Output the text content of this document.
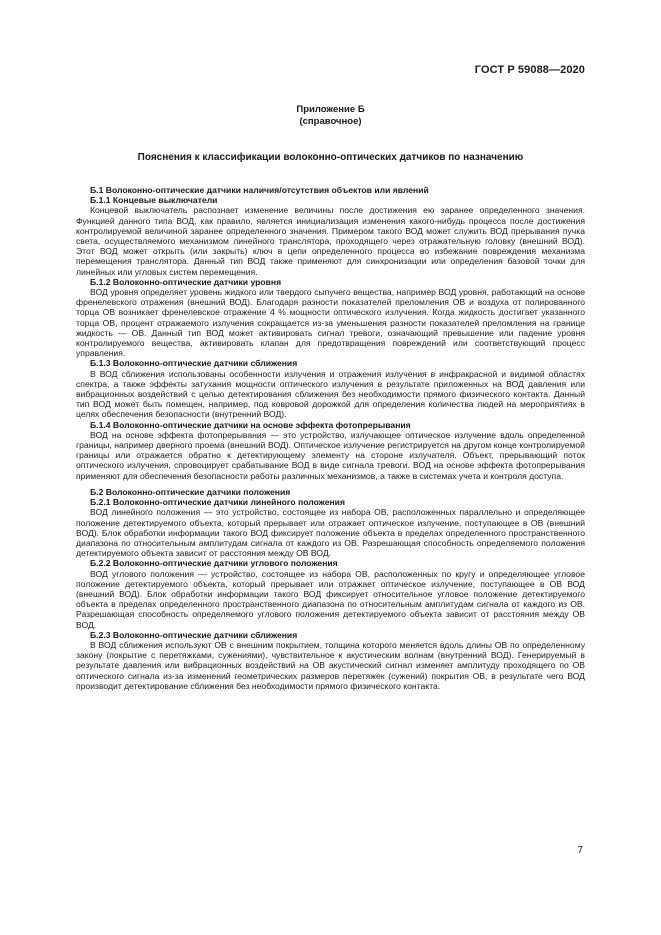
ГОСТ Р 59088—2020
Приложение Б
(справочное)
Пояснения к классификации волоконно-оптических датчиков по назначению
Б.1 Волоконно-оптические датчики наличия/отсутствия объектов или явлений
Б.1.1 Концевые выключатели

Концевой выключатель распознает изменение величины после достижения ею заранее определенного значения. Функцией данного типа ВОД, как правило, является инициализация изменения какого-нибудь процесса после достижения контролируемой величиной заранее определенного значения. Примером такого ВОД может служить ВОД прерывания пучка света, осуществляемого механизмом линейного транслятора, проходящего через отражательную головку (внешний ВОД). Этот ВОД может открыть (или закрыть) ключ в цепи определенного процесса во избежание повреждения механизма перемещения транслятора. Данный тип ВОД также применяют для синхронизации или определения базовой точки для линейных или угловых систем перемещения.

Б.1.2 Волоконно-оптические датчики уровня

ВОД уровня определяет уровень жидкого или твердого сыпучего вещества, например ВОД уровня, работающий на основе френелевского отражения (внешний ВОД). Благодаря разности показателей преломления ОВ и воздуха от полированного торца ОВ возникает френелевское отражение 4 % мощности оптического излучения. Когда жидкость достигает указанного торца ОВ, процент отражаемого излучения сокращается из-за уменьшения разности показателей преломления на границе жидкость — ОВ. Данный тип ВОД может активировать сигнал тревоги, означающий превышение или падение уровня контролируемого вещества, активировать клапан для предотвращения повреждений или соответствующий процесс управления.

Б.1.3 Волоконно-оптические датчики сближения

В ВОД сближения использованы особенности излучения и отражения излучения в инфракрасной и видимой областях спектра, а также эффекты затухания мощности оптического излучения в результате приложенных на ВОД давления или вибрационных воздействий с целью детектирования сближения без необходимости прямого физического контакта. Данный тип ВОД может быть помещен, например, под ковровой дорожкой для определения количества людей на мероприятиях в целях обеспечения безопасности (внутренний ВОД).

Б.1.4 Волоконно-оптические датчики на основе эффекта фотопрерывания

ВОД на основе эффекта фотопрерывания — это устройство, излучающее оптическое излучение вдоль определенной границы, например дверного проема (внешний ВОД). Оптическое излучение регистрируется на другом конце контролируемой границы или отражается обратно к детектирующему элементу на стороне излучателя. Объект, прерывающий поток оптического излучения, спровоцирует срабатывание ВОД в виде сигнала тревоги. ВОД на основе эффекта фотопрерывания применяют для обеспечения безопасности работы различных механизмов, а также в системах учета и контроля доступа.

Б.2 Волоконно-оптические датчики положения
Б.2.1 Волоконно-оптические датчики линейного положения

ВОД линейного положения — это устройство, состоящее из набора ОВ, расположенных параллельно и определяющее положение детектируемого объекта, который прерывает или отражает оптическое излучение, поступающее в ОВ (внешний ВОД). Блок обработки информации такого ВОД фиксирует положение объекта в пределах определенного пространственного диапазона по относительным амплитудам сигнала от каждого из ОВ. Разрешающая способность определяемого положения детектируемого объекта зависит от расстояния между ОВ ВОД.

Б.2.2 Волоконно-оптические датчики углового положения

ВОД углового положения — устройство, состоящее из набора ОВ, расположенных по кругу и определяющее угловое положение детектируемого объекта, который прерывает или отражает оптическое излучение, поступающее в ОВ ВОД (внешний ВОД). Блок обработки информации такого ВОД фиксирует относительное угловое положение детектируемого объекта в пределах определенного пространственного диапазона по относительным амплитудам сигнала от каждого из ОВ. Разрешающая способность определяемого углового положения детектируемого объекта зависит от расстояния между ОВ ВОД.

Б.2.3 Волоконно-оптические датчики сближения

В ВОД сближения используют ОВ с внешним покрытием, толщина которого меняется вдоль длины ОВ по определенному закону (покрытие с перетяжками, сужениями), чувствительное к акустическим волнам (внутренний ВОД). Генерируемый в результате давления или вибрационных воздействий на ОВ акустический сигнал изменяет амплитуду проходящего по ОВ оптического сигнала из-за изменений геометрических размеров перетяжек (сужений) покрытия ОВ, в результате чего ВОД производит детектирование сближения без необходимости прямого физического контакта.

7
